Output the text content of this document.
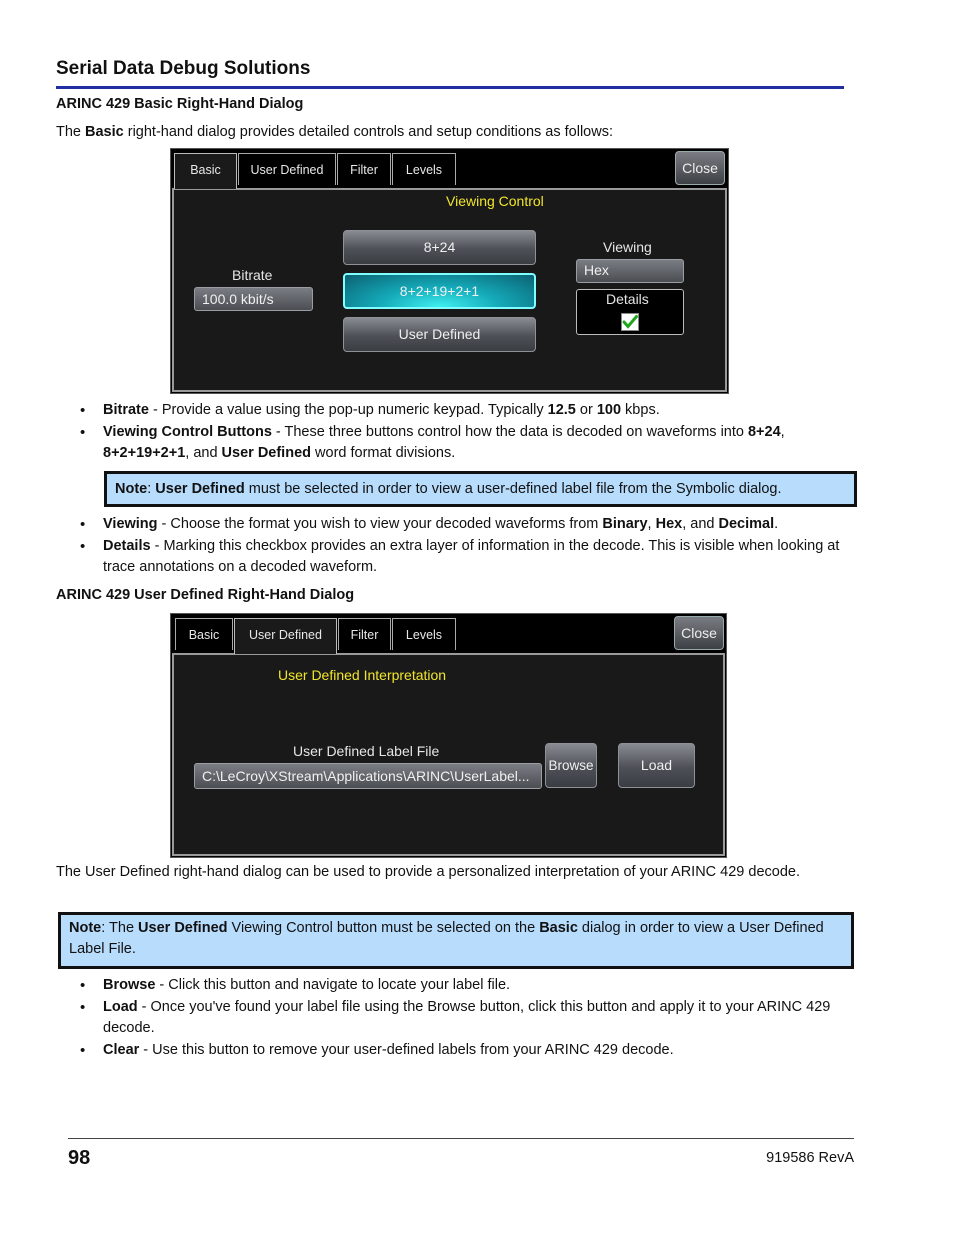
Serial Data Debug Solutions
ARINC 429 Basic Right-Hand Dialog
The Basic right-hand dialog provides detailed controls and setup conditions as follows:
Basic	User Defined	Filter	Levels	Close
Viewing Control
8+24
8+2+19+2+1
User Defined
Bitrate
100.0 kbit/s
Viewing
Hex
Details
• Bitrate - Provide a value using the pop-up numeric keypad. Typically 12.5 or 100 kbps.
• Viewing Control Buttons - These three buttons control how the data is decoded on waveforms into 8+24, 8+2+19+2+1, and User Defined word format divisions.
Note: User Defined must be selected in order to view a user-defined label file from the Symbolic dialog.
• Viewing - Choose the format you wish to view your decoded waveforms from Binary, Hex, and Decimal.
• Details - Marking this checkbox provides an extra layer of information in the decode. This is visible when looking at trace annotations on a decoded waveform.
ARINC 429 User Defined Right-Hand Dialog
Basic	User Defined	Filter	Levels	Close
User Defined Interpretation
User Defined Label File
C:\LeCroy\XStream\Applications\ARINC\UserLabel...
Browse	Load
The User Defined right-hand dialog can be used to provide a personalized interpretation of your ARINC 429 decode.
Note: The User Defined Viewing Control button must be selected on the Basic dialog in order to view a User Defined Label File.
• Browse - Click this button and navigate to locate your label file.
• Load - Once you've found your label file using the Browse button, click this button and apply it to your ARINC 429 decode.
• Clear - Use this button to remove your user-defined labels from your ARINC 429 decode.
98	919586 RevA
